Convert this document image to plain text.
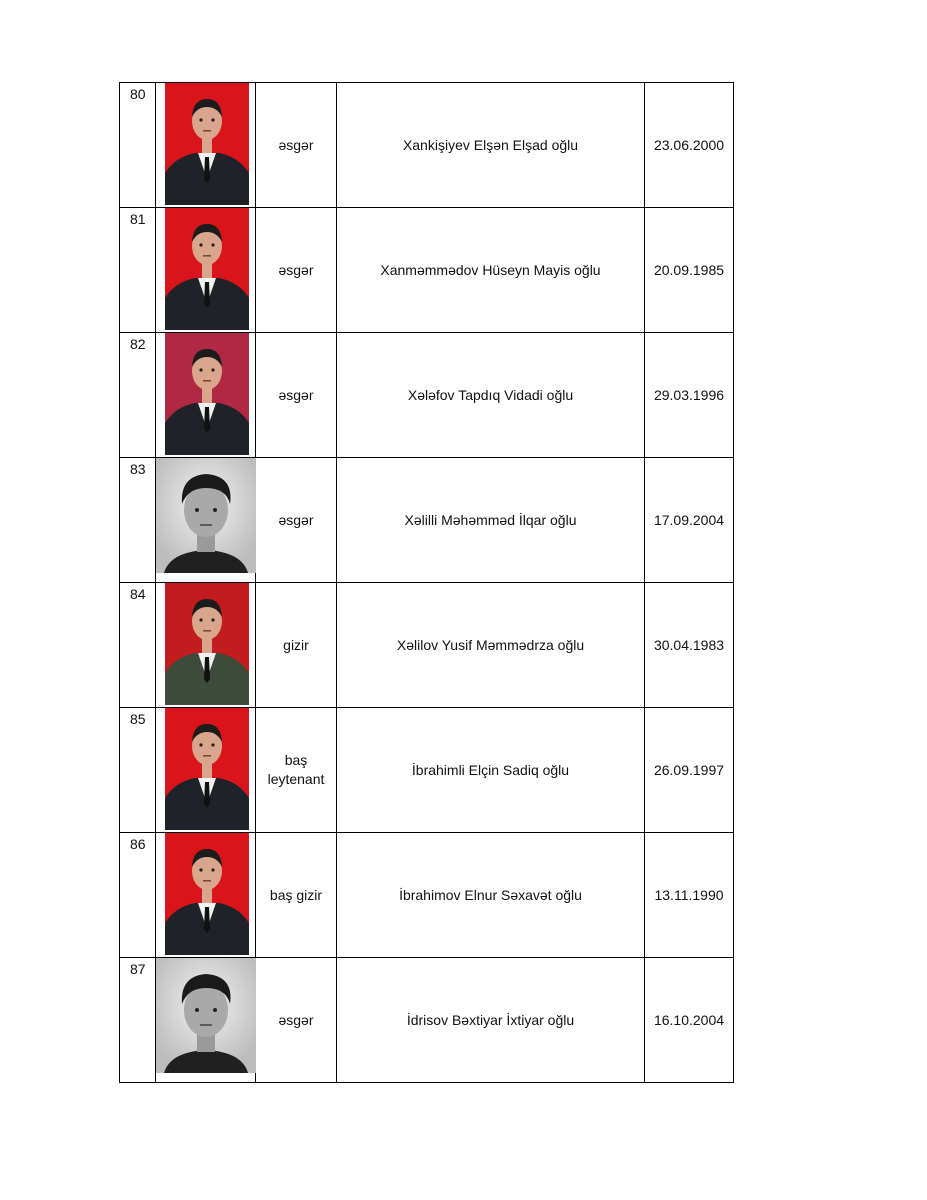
80		əsgər	Xankişiyev Elşən Elşad oğlu	23.06.2000
81		əsgər	Xanməmmədov Hüseyn Mayis oğlu	20.09.1985
82		əsgər	Xələfov Tapdıq Vidadi oğlu	29.03.1996
83		əsgər	Xəlilli Məhəmməd İlqar oğlu	17.09.2004
84		gizir	Xəlilov Yusif Məmmədrza oğlu	30.04.1983
85		baş leytenant	İbrahimli Elçin Sadiq oğlu	26.09.1997
86		baş gizir	İbrahimov Elnur Səxavət oğlu	13.11.1990
87		əsgər	İdrisov Bəxtiyar İxtiyar oğlu	16.10.2004
